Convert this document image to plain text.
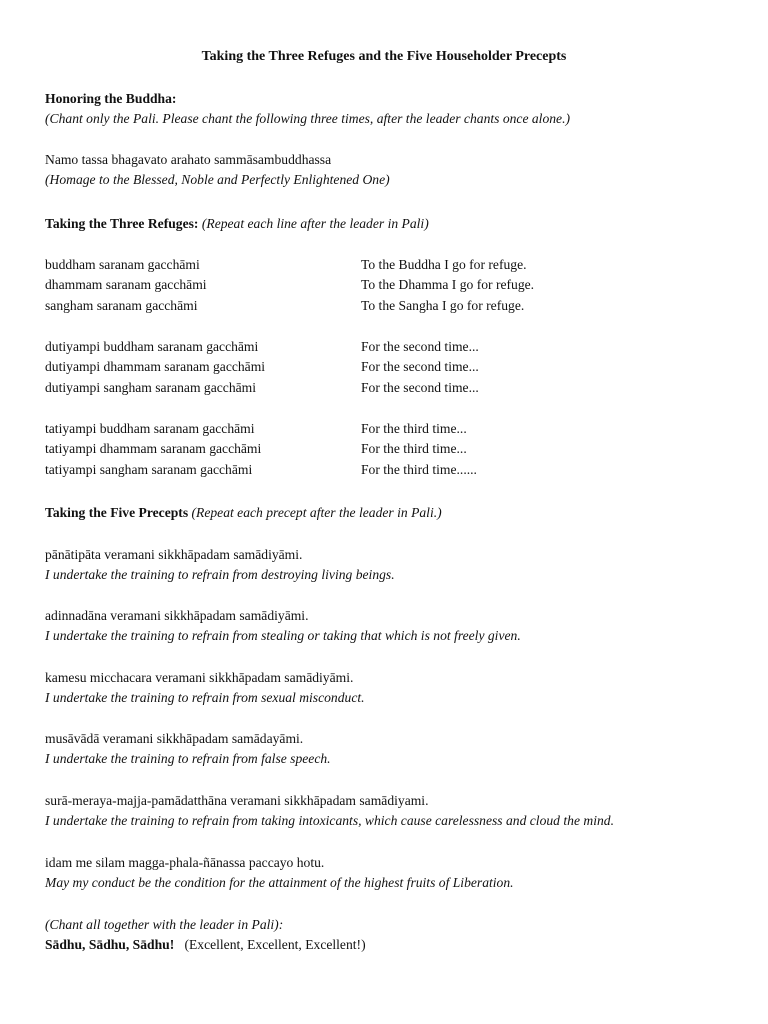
Taking the Three Refuges and the Five Householder Precepts
Honoring the Buddha:
(Chant only the Pali. Please chant the following three times, after the leader chants once alone.)
Namo tassa bhagavato arahato sammāsambuddhassa
(Homage to the Blessed, Noble and Perfectly Enlightened One)
Taking the Three Refuges: (Repeat each line after the leader in Pali)
buddham saranam gacchāmi	To the Buddha I go for refuge.
dhammam saranam gacchāmi	To the Dhamma I go for refuge.
sangham saranam gacchāmi	To the Sangha I go for refuge.
dutiyampi buddham saranam gacchāmi	For the second time...
dutiyampi dhammam saranam gacchāmi	For the second time...
dutiyampi sangham saranam gacchāmi	For the second time...
tatiyampi buddham saranam gacchāmi	For the third time...
tatiyampi dhammam saranam gacchāmi	For the third time...
tatiyampi sangham saranam gacchāmi	For the third time......
Taking the Five Precepts (Repeat each precept after the leader in Pali.)
pānātipāta veramani sikkhāpadam samādiyāmi.
I undertake the training to refrain from destroying living beings.
adinnadāna veramani sikkhāpadam samādiyāmi.
I undertake the training to refrain from stealing or taking that which is not freely given.
kamesu micchacara veramani sikkhāpadam samādiyāmi.
I undertake the training to refrain from sexual misconduct.
musāvādā veramani sikkhāpadam samādayāmi.
I undertake the training to refrain from false speech.
surā-meraya-majja-pamādatthāna veramani sikkhāpadam samādiyami.
I undertake the training to refrain from taking intoxicants, which cause carelessness and cloud the mind.
idam me silam magga-phala-ñānassa paccayo hotu.
May my conduct be the condition for the attainment of the highest fruits of Liberation.
(Chant all together with the leader in Pali):
Sādhu, Sādhu, Sādhu! (Excellent, Excellent, Excellent!)
